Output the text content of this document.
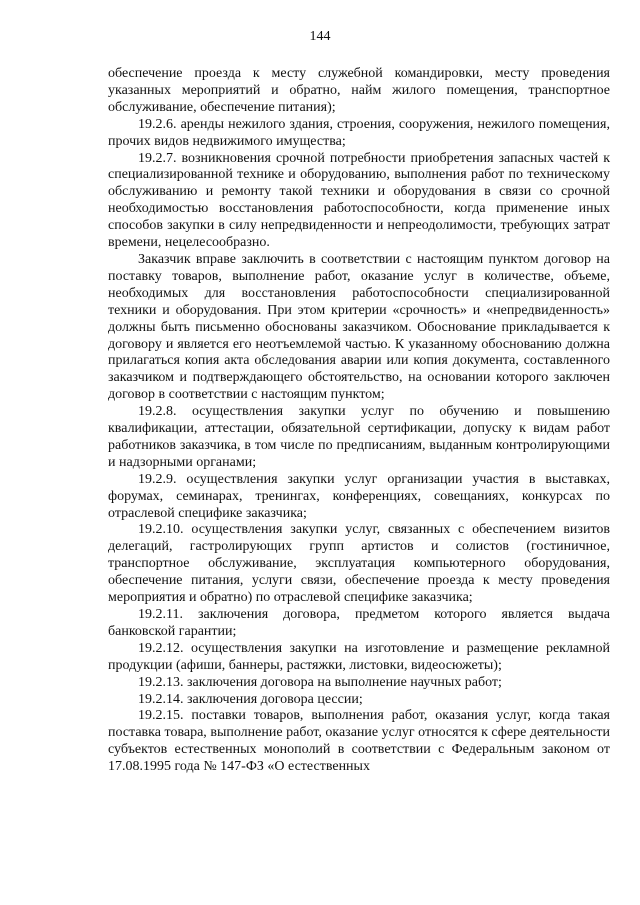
144

обеспечение проезда к месту служебной командировки, месту проведения указанных мероприятий и обратно, найм жилого помещения, транспортное обслуживание, обеспечение питания);

19.2.6. аренды нежилого здания, строения, сооружения, нежилого помещения, прочих видов недвижимого имущества;

19.2.7. возникновения срочной потребности приобретения запасных частей к специализированной технике и оборудованию, выполнения работ по техническому обслуживанию и ремонту такой техники и оборудования в связи со срочной необходимостью восстановления работоспособности, когда применение иных способов закупки в силу непредвиденности и непреодолимости, требующих затрат времени, нецелесообразно.

Заказчик вправе заключить в соответствии с настоящим пунктом договор на поставку товаров, выполнение работ, оказание услуг в количестве, объеме, необходимых для восстановления работоспособности специализированной техники и оборудования. При этом критерии «срочность» и «непредвиденность» должны быть письменно обоснованы заказчиком. Обоснование прикладывается к договору и является его неотъемлемой частью. К указанному обоснованию должна прилагаться копия акта обследования аварии или копия документа, составленного заказчиком и подтверждающего обстоятельство, на основании которого заключен договор в соответствии с настоящим пунктом;

19.2.8. осуществления закупки услуг по обучению и повышению квалификации, аттестации, обязательной сертификации, допуску к видам работ работников заказчика, в том числе по предписаниям, выданным контролирующими и надзорными органами;

19.2.9. осуществления закупки услуг организации участия в выставках, форумах, семинарах, тренингах, конференциях, совещаниях, конкурсах по отраслевой специфике заказчика;

19.2.10. осуществления закупки услуг, связанных с обеспечением визитов делегаций, гастролирующих групп артистов и солистов (гостиничное, транспортное обслуживание, эксплуатация компьютерного оборудования, обеспечение питания, услуги связи, обеспечение проезда к месту проведения мероприятия и обратно) по отраслевой специфике заказчика;

19.2.11. заключения договора, предметом которого является выдача банковской гарантии;

19.2.12. осуществления закупки на изготовление и размещение рекламной продукции (афиши, баннеры, растяжки, листовки, видеосюжеты);

19.2.13. заключения договора на выполнение научных работ;

19.2.14. заключения договора цессии;

19.2.15. поставки товаров, выполнения работ, оказания услуг, когда такая поставка товара, выполнение работ, оказание услуг относятся к сфере деятельности субъектов естественных монополий в соответствии с Федеральным законом от 17.08.1995 года № 147-ФЗ «О естественных
